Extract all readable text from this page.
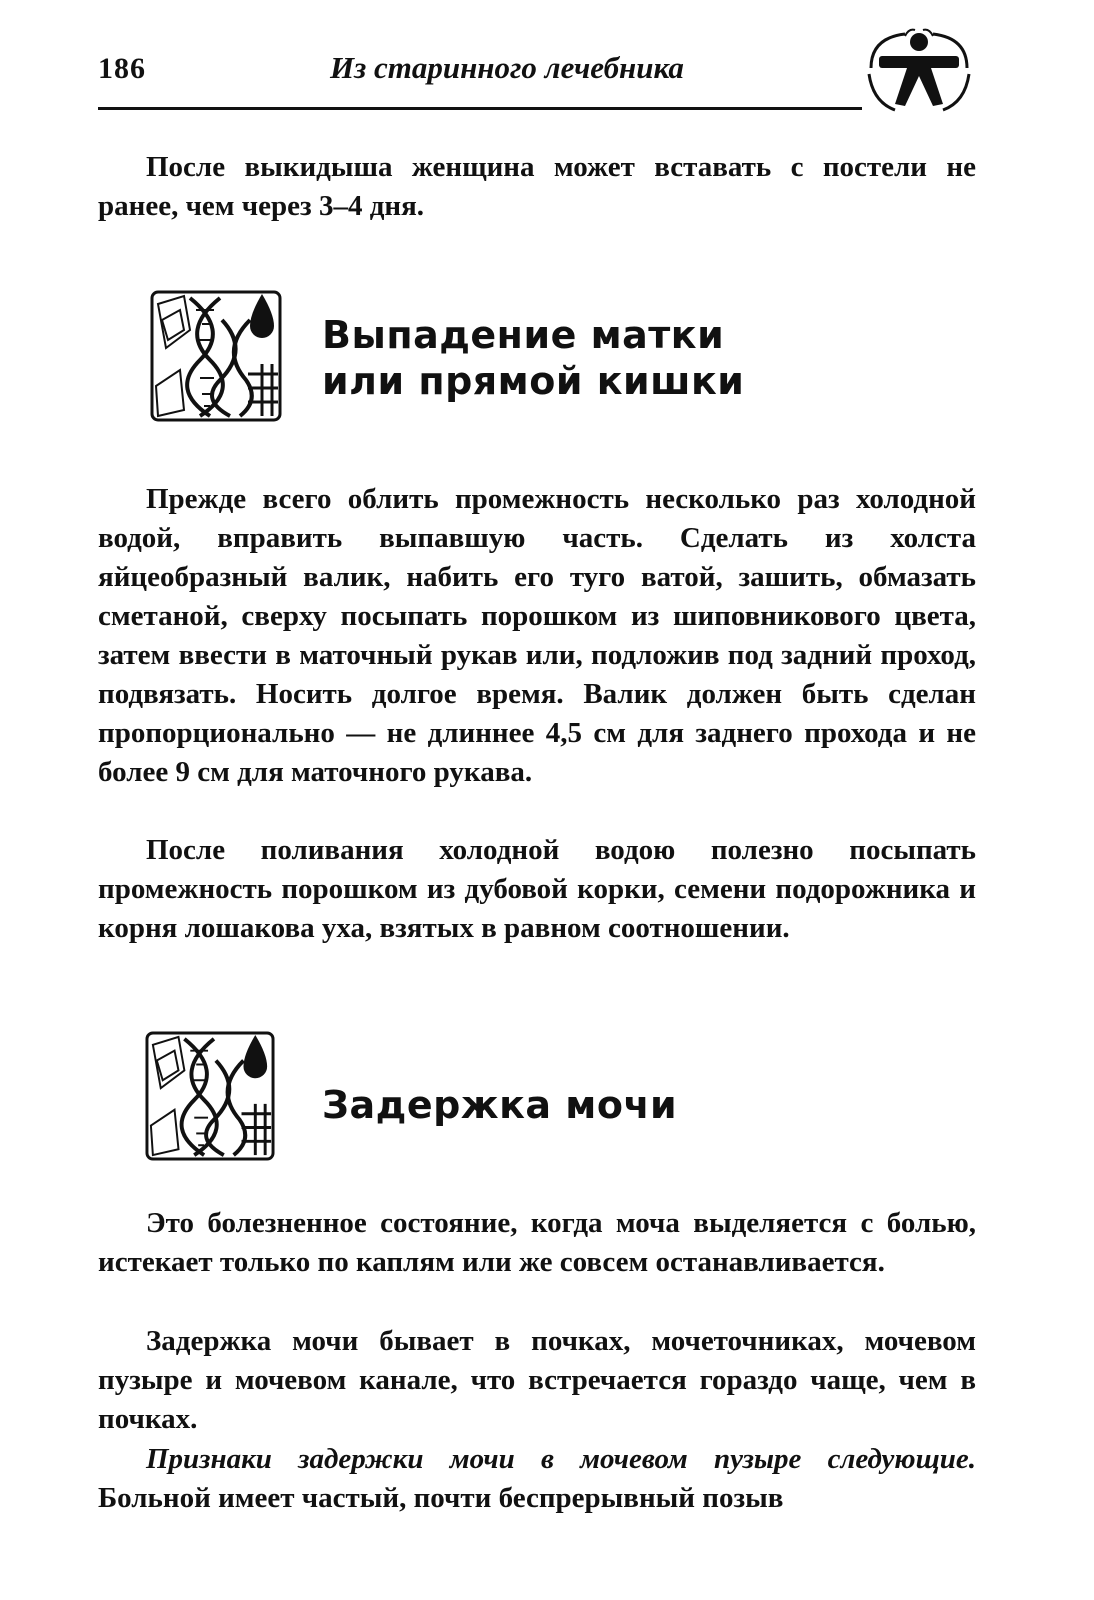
186	Из старинного лечебника

После выкидыша женщина может вставать с постели не ранее, чем через 3–4 дня.

Выпадение матки
или прямой кишки

Прежде всего облить промежность несколько раз холодной водой, вправить выпавшую часть. Сделать из холста яйцеобразный валик, набить его туго ватой, зашить, обмазать сметаной, сверху посыпать порошком из шиповникового цвета, затем ввести в маточный рукав или, подложив под задний проход, подвязать. Носить долгое время. Валик должен быть сделан пропорционально — не длиннее 4,5 см для заднего прохода и не более 9 см для маточного рукава.

После поливания холодной водою полезно посыпать промежность порошком из дубовой корки, семени подорожника и корня лошакова уха, взятых в равном соотношении.

Задержка мочи

Это болезненное состояние, когда моча выделяется с болью, истекает только по каплям или же совсем останавливается.

Задержка мочи бывает в почках, мочеточниках, мочевом пузыре и мочевом канале, что встречается гораздо чаще, чем в почках.

Признаки задержки мочи в мочевом пузыре следующие. Больной имеет частый, почти беспрерывный позыв
